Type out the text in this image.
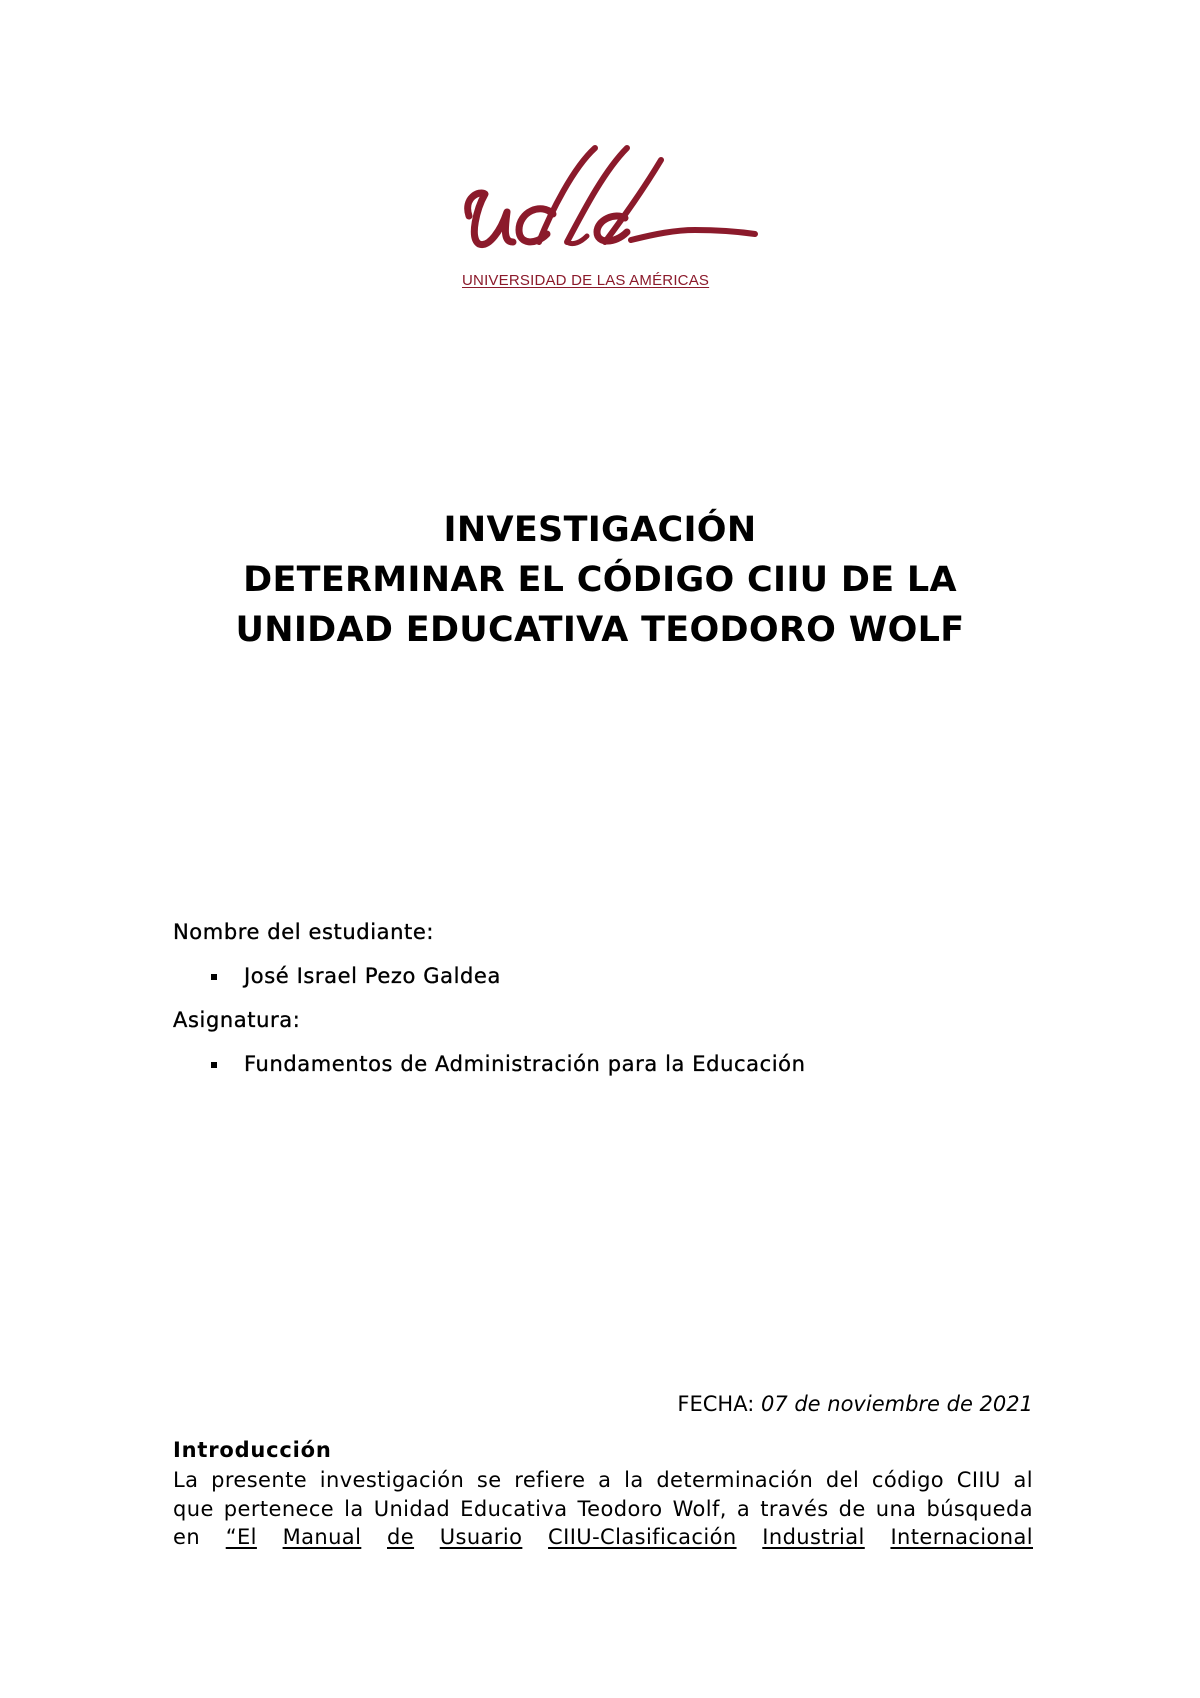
UNIVERSIDAD DE LAS AMÉRICAS
INVESTIGACIÓN
DETERMINAR EL CÓDIGO CIIU DE LA
UNIDAD EDUCATIVA TEODORO WOLF
Nombre del estudiante:
José Israel Pezo Galdea
Asignatura:
Fundamentos de Administración para la Educación
FECHA: 07 de noviembre de 2021
Introducción
La presente investigación se refiere a la determinación del código CIIU al
que pertenece la Unidad Educativa Teodoro Wolf, a través de una búsqueda
en “El Manual de Usuario CIIU-Clasificación Industrial Internacional
